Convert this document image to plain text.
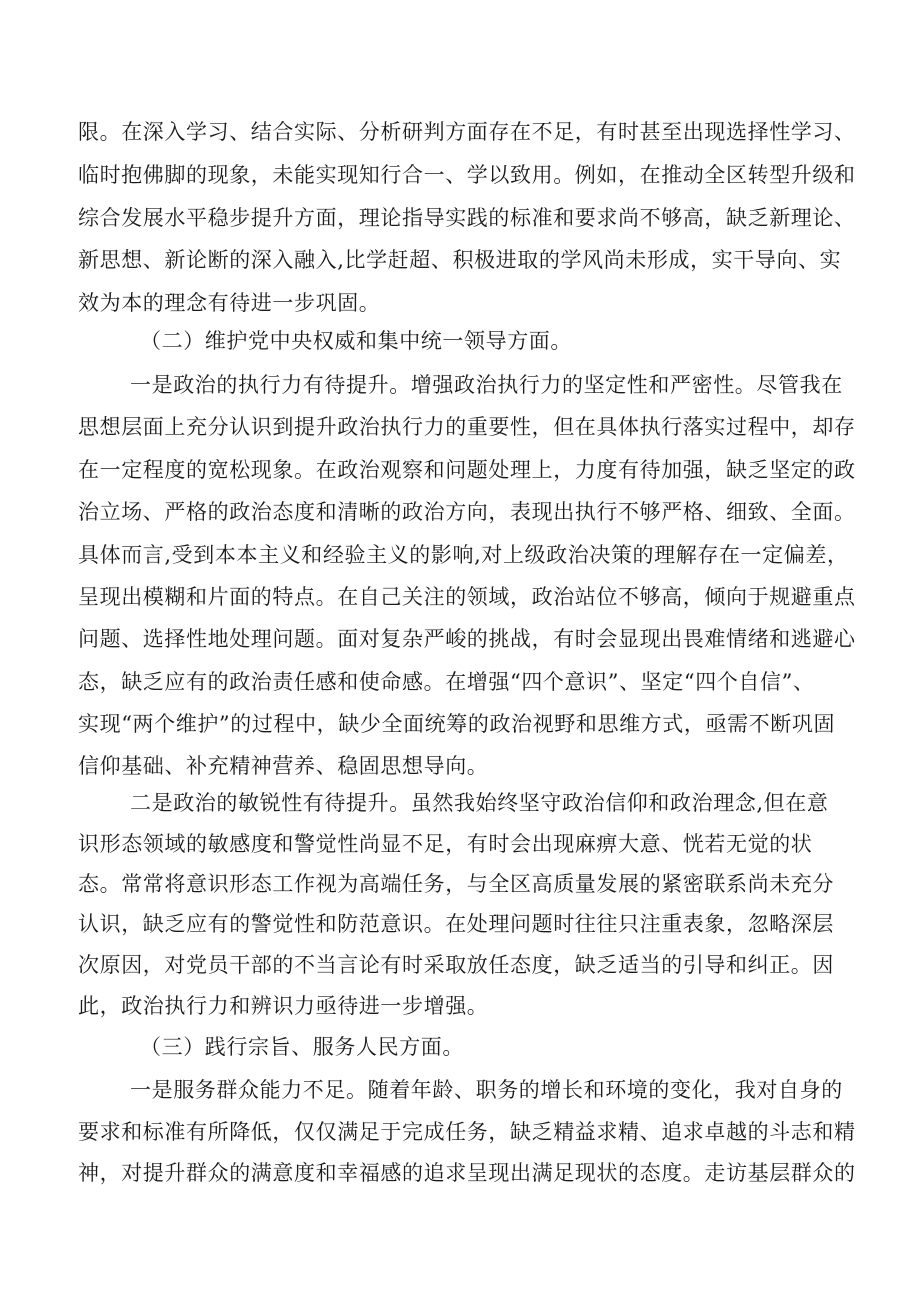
限。在深入学习、结合实际、分析研判方面存在不足，有时甚至出现选择性学习、
临时抱佛脚的现象，未能实现知行合一、学以致用。例如，在推动全区转型升级和
综合发展水平稳步提升方面，理论指导实践的标准和要求尚不够高，缺乏新理论、
新思想、新论断的深入融入,比学赶超、积极进取的学风尚未形成，实干导向、实
效为本的理念有待进一步巩固。
（二）维护党中央权威和集中统一领导方面。
一是政治的执行力有待提升。增强政治执行力的坚定性和严密性。尽管我在
思想层面上充分认识到提升政治执行力的重要性，但在具体执行落实过程中，却存
在一定程度的宽松现象。在政治观察和问题处理上，力度有待加强，缺乏坚定的政
治立场、严格的政治态度和清晰的政治方向，表现出执行不够严格、细致、全面。
具体而言,受到本本主义和经验主义的影响,对上级政治决策的理解存在一定偏差，
呈现出模糊和片面的特点。在自己关注的领域，政治站位不够高，倾向于规避重点
问题、选择性地处理问题。面对复杂严峻的挑战，有时会显现出畏难情绪和逃避心
态，缺乏应有的政治责任感和使命感。在增强“四个意识”、坚定“四个自信”、
实现“两个维护”的过程中，缺少全面统筹的政治视野和思维方式，亟需不断巩固
信仰基础、补充精神营养、稳固思想导向。
二是政治的敏锐性有待提升。虽然我始终坚守政治信仰和政治理念,但在意
识形态领域的敏感度和警觉性尚显不足，有时会出现麻痹大意、恍若无觉的状
态。常常将意识形态工作视为高端任务，与全区高质量发展的紧密联系尚未充分
认识，缺乏应有的警觉性和防范意识。在处理问题时往往只注重表象，忽略深层
次原因，对党员干部的不当言论有时采取放任态度，缺乏适当的引导和纠正。因
此，政治执行力和辨识力亟待进一步增强。
（三）践行宗旨、服务人民方面。
一是服务群众能力不足。随着年龄、职务的增长和环境的变化，我对自身的
要求和标准有所降低，仅仅满足于完成任务，缺乏精益求精、追求卓越的斗志和精
神，对提升群众的满意度和幸福感的追求呈现出满足现状的态度。走访基层群众的
